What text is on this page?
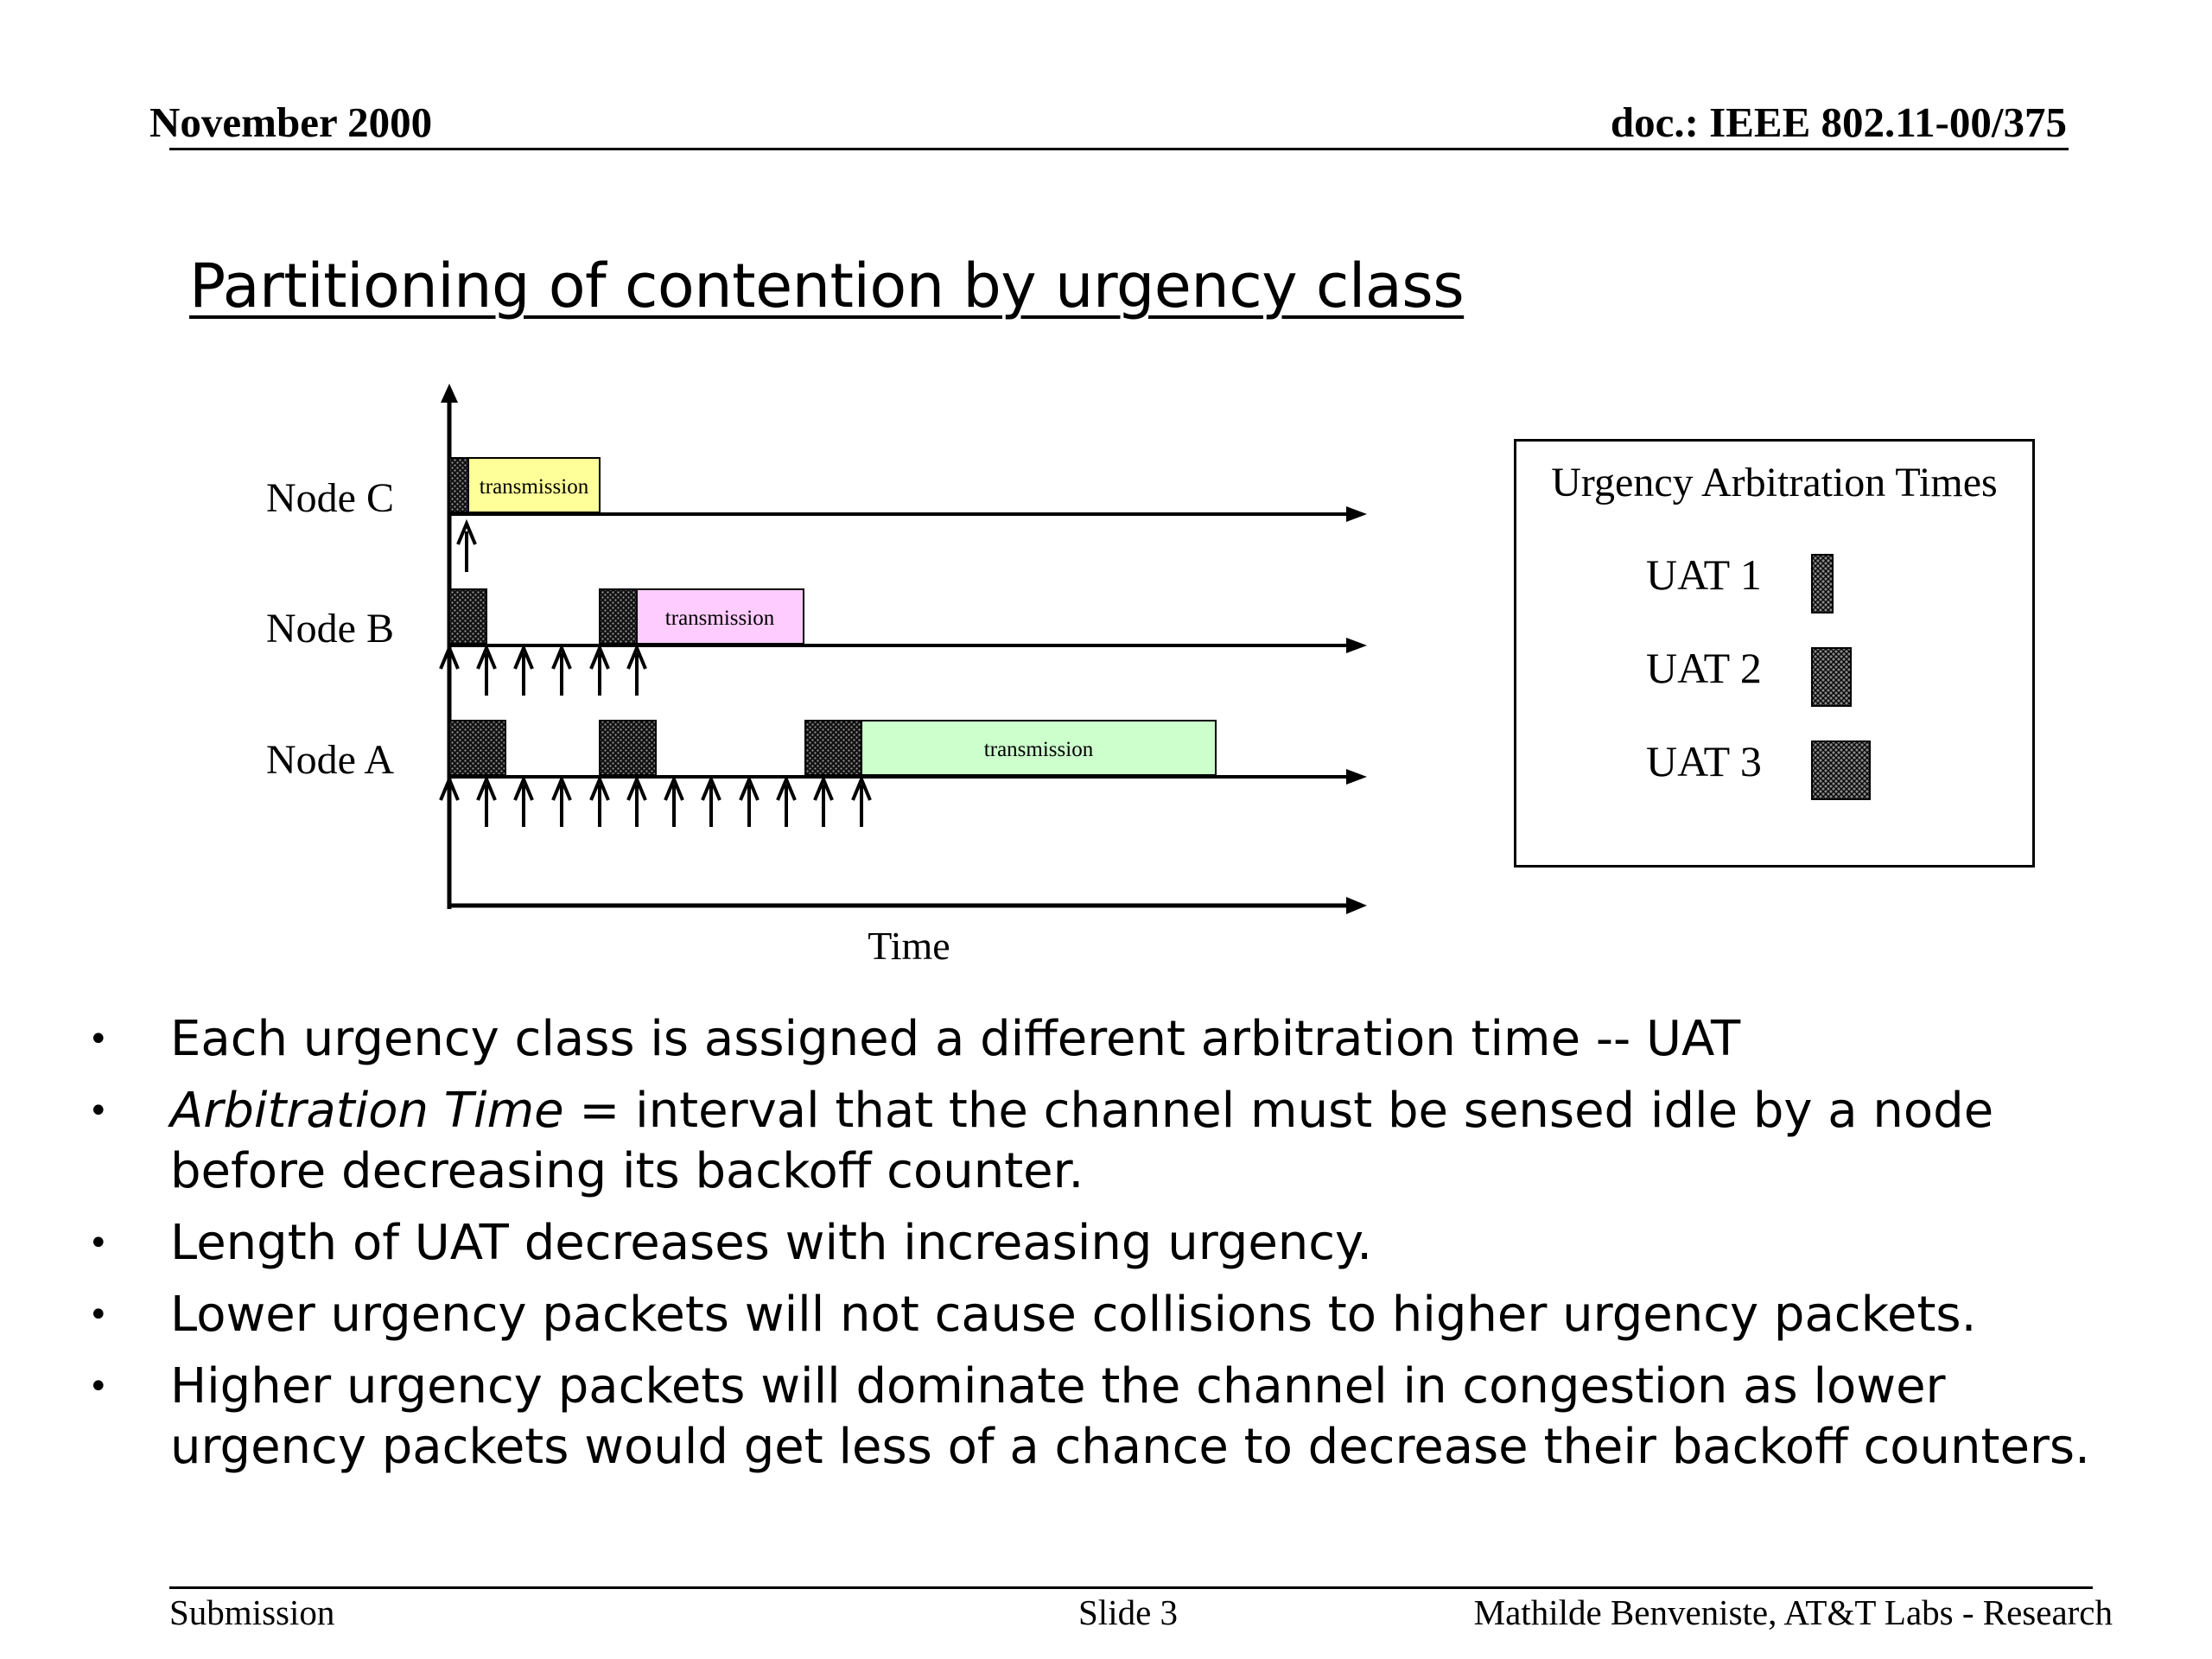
November 2000	doc.: IEEE 802.11-00/375
Partitioning of contention by urgency class
transmission
transmission
transmission
Node C
Node B
Node A
Time
Urgency Arbitration Times
UAT 1
UAT 2
UAT 3
• Each urgency class is assigned a different arbitration time -- UAT
• Arbitration Time = interval that the channel must be sensed idle by a node before decreasing its backoff counter.
• Length of UAT decreases with increasing urgency.
• Lower urgency packets will not cause collisions to higher urgency packets.
• Higher urgency packets will dominate the channel in congestion as lower urgency packets would get less of a chance to decrease their backoff counters.
Submission	Slide 3	Mathilde Benveniste, AT&T Labs - Research
